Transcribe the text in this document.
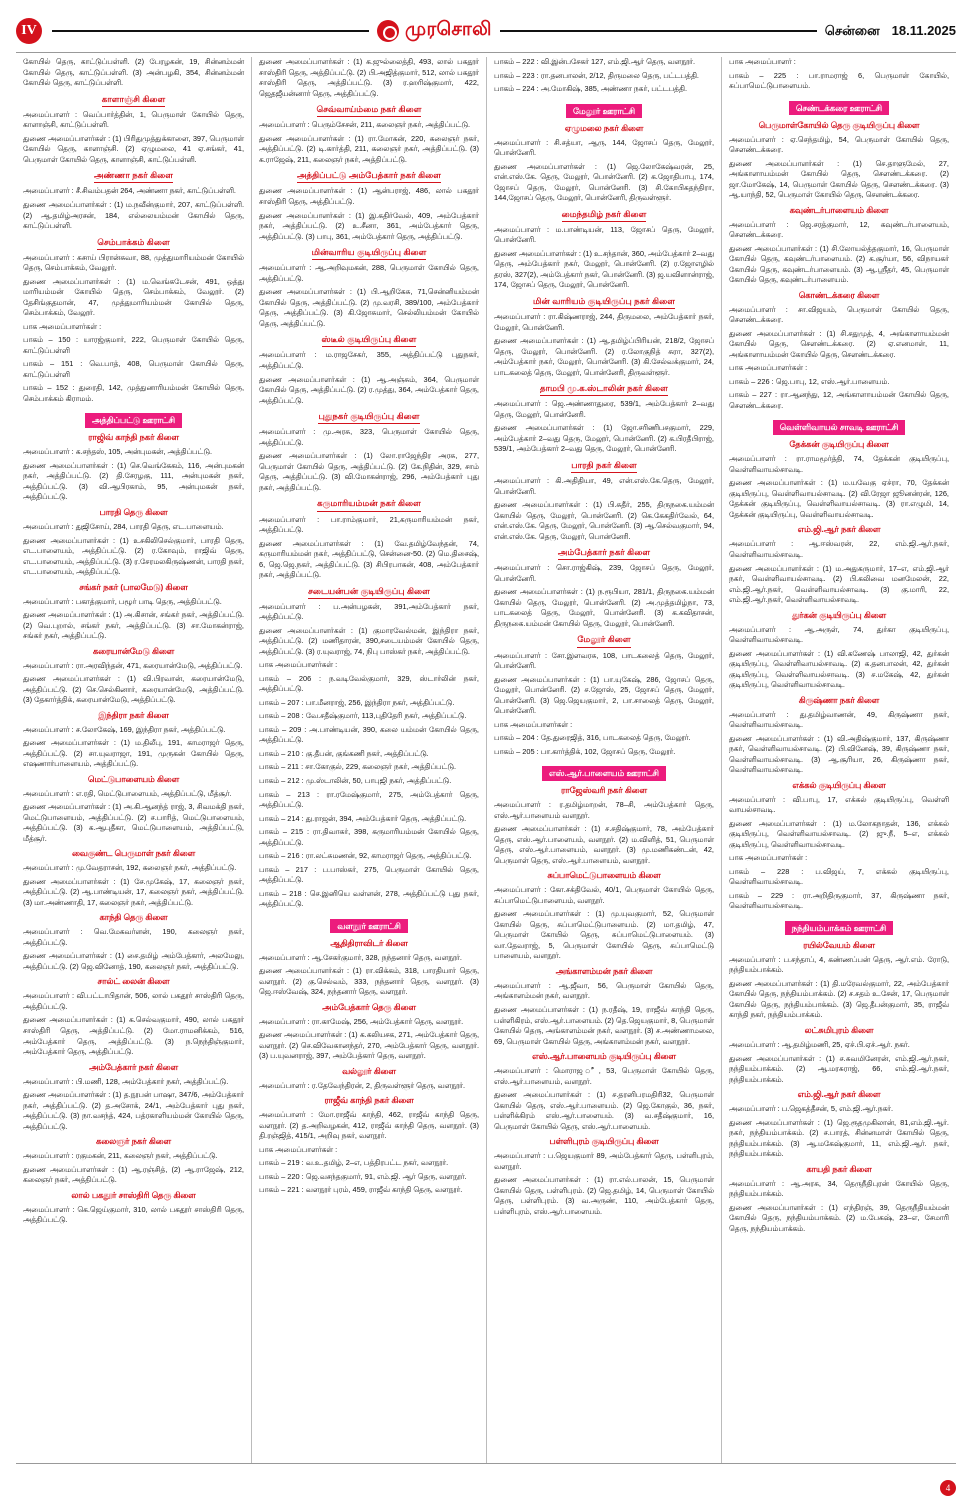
IV	முரசொலி	சென்னை 18.11.2025

கோயில் தெரு, காட்டுப்பள்ளி. (2) பேரழகன், 19, சின்னம்மன் கோயில் தெரு, காட்டுப்பள்ளி. (3) அன்பழகி, 354, சின்னம்மன் கோயில் தெரு, காட்டுப்பள்ளி.

காளாஞ்சி கிளை

அமைப்பாளர் : வெப்பார்த்தின், 1, பெருமாள் கோயில் தெரு, காளாஞ்சி, காட்டுப்பள்ளி.

துணை அமைப்பாளர்கள் : (1) பிரிதுமுத்துக்காளை, 397, பெருமாள் கோயில் தெரு, காளாஞ்சி. (2) ஏழுமலை, 41 ஏ.சங்கர், 41, பெருமாள் கோயில் தெரு, காளாஞ்சி, காட்டுப்பள்ளி.

அண்ணா நகர் கிளை

அமைப்பாளர் : சீ.சிவம்பதன் 264, அண்ணா நகர், காட்டுப்பள்ளி.

துணை அமைப்பாளர்கள் : (1) ம.நவீன்குமார், 207, காட்டுப்பள்ளி. (2) ஆ.தமிழ்அரசன், 184, எல்லையம்மன் கோயில் தெரு, காட்டுப்பள்ளி.

செம்பாக்கம் கிளை

அமைப்பாளர் : சுசாய் பிரான்சுவா, 88, முத்துமாரியம்மன் கோயில் தெரு, செம்பாக்கம், வேலூர்.

துணை அமைப்பாளர்கள் : (1) ம.வெங்கடேசன், 491, ஒத்து மாரியம்மன் கோயில் தெரு, செம்பாக்கம், வேலூர். (2) தேசிங்குதமான், 47, முத்துமாரியம்மன் கோயில் தெரு, செம்பாக்கம், வேலூர்.

பாக அமைப்பாளர்கள் :

பாகம் – 150 : யாரஜ்குமார், 222, பெருமாள் கோயில் தெரு, காட்டுப்பள்ளி

பாகம் – 151 : வெ.பாத், 408, பெருமாள் கோயில் தெரு, காட்டுப்பள்ளி

பாகம் – 152 : துரைதி, 142, முத்துனாரியம்மன் கோயில் தெரு, செம்பாக்கம் கிராமம்.

அத்திப்பட்டு ஊராட்சி
ராஜிவ் காந்தி நகர் கிளை

அமைப்பாளர் : க.சந்தஸ், 105, அன்புமகன், அத்திப்பட்டு.

துணை அமைப்பாளர்கள் : (1) செ.வெங்கேகம், 116, அன்புமகன் நகர், அத்திப்பட்டு. (2) தி.சேரழகு, 111, அன்புமகன் நகர், அத்திப்பட்டு. (3) வி.ஆபிரகாம், 95, அன்புமகன் நகர், அத்திப்பட்டு.

பாரதி தெரு கிளை

அமைப்பாளர் : துஜிசோய், 284, பாரதி தெரு, எட.பாளையம்.

துணை அமைப்பாளர்கள் : (1) உசகிலிசெல்குமார், பாரதி தெரு, எட.பாளையம், அத்திப்பட்டு. (2) ர.கோவும், ராஜிவ் தெரு, எட.பாளையம், அத்திப்பட்டு. (3) ர.சேரமலகிருஷ்ணன், பாரதி நகர், எட.பாளையம், அத்திப்பட்டு.

சங்கர் நகர் (பாலமேடு) கிளை

அமைப்பாளர் : பகாத்குமார், பழூர் பாடி தெரு, அத்திப்பட்டு.

துணை அமைப்பாளர்கள் : (1) அ.கிசான், சங்கர் நகர், அத்திப்பட்டு. (2) வெ.புறால், சங்கர் நகர், அத்திப்பட்டு. (3) சா.மோகன்ராஜ், சங்கர் நகர், அத்திப்பட்டு.

கரையான்மேடு கிளை

அமைப்பாளர் : ரா.அரவிந்தன், 471, கரையான்மேடு, அத்திப்பட்டு.

துணை அமைப்பாளர்கள் : (1) வி.பிரவான், கரையான்மேடு, அத்திப்பட்டு. (2) செ.செல்கினார், கரையான்மேடு, அத்திப்பட்டு. (3) தேகார்த்திக், கரையான்மேடு, அத்திப்பட்டு.

இந்திரா நகர் கிளை

அமைப்பாளர் : ச.லோகேஷ், 169, இந்திரா நகர், அத்திப்பட்டு.

துணை அமைப்பாளர்கள் : (1) ம.திலீபு, 191, காமராஜர் தெரு, அத்திப்பட்டு. (2) சா.யுவராஜா, 191, முருகன் கோயில் தெரு, எஷணார்பாளையம், அத்திப்பட்டு.

மெட்டுபாளையம் கிளை

அமைப்பாளர் : எ.ரதி, மெட்டுபாளையம், அத்திப்பட்டு, மீத்சூர்.

துணை அமைப்பாளர்கள் : (1) அ.கி.ஆனந்த் ராஜ், 3, சிவமக்தி நகர், மெட்டுபாளையம், அத்திப்பட்டு. (2) ச.பாரித், மெட்டுபாளையம், அத்திப்பட்டு. (3) க.ஆபுதீகா, மெட்டுபாளையம், அத்திப்பட்டு, மீத்சூர்.

வைகுண்ட பெருமாள் நகர் கிளை

அமைப்பாளர் : மு.வேதராசன், 192, கலைஞர் நகர், அத்திப்பட்டு.

துணை அமைப்பாளர்கள் : (1) சே.முகேஷ், 17, கலைஞர் நகர், அத்திப்பட்டு. (2) ஆ.பாண்டியன், 17, கலைஞர் நகர், அத்திப்பட்டு. (3) மா.அண்ணாதி, 17, கலைஞர் நகர், அத்திப்பட்டு.

காந்தி தெரு கிளை

அமைப்பாளர் : வெ.மேகவர்ளன், 190, கலைஞர் நகர், அத்திப்பட்டு.

துணை அமைப்பாளர்கள் : (1) சை.தமிழ் அம்பேத்கார், அலமேலு, அத்திப்பட்டு. (2) ஜெ.வினோத், 190, கலைஞர் நகர், அத்திப்பட்டு.

சால்ட் லைன் கிளை

அமைப்பாளர் : வி.பட்டாபிதான், 506, லால் பகதூர் சாஸ்திரி தெரு, அத்திப்பட்டு.

துணை அமைப்பாளர்கள் : (1) க.செல்வகுமார், 490, லால் பகதூர் சாஸ்திரி தெரு, அத்திப்பட்டு. (2) மோ.ராமனிக்கம், 516, அம்பேத்கார் தெரு, அத்திப்பட்டு. (3) ந.நெந்திஞ்குமார், அம்பேத்கார் தெரு, அத்திப்பட்டு.

அம்பேத்கார் நகர் கிளை

அமைப்பாளர் : பி.மணி, 128, அம்பேத்கார் நகர், அத்திப்பட்டு.

துணை அமைப்பாளர்கள் : (1) த.நூபன் பாஷா, 347/6, அம்பேத்கார் நகர், அத்திப்பட்டு. (2) த.அசோக், 24/1, அம்பேத்கார் புது நகர், அத்திப்பட்டு. (3) நா.வசந்த், 424, பத்ரகாளியம்மன் கோயில் தெரு, அத்திப்பட்டு.

கலைஞர் நகர் கிளை

அமைப்பாளர் : ரகுமகன், 211, கலைஞர் நகர், அத்திப்பட்டு.

துணை அமைப்பாளர்கள் : (1) ஆ.ரஞ்சித், (2) ஆ.ராஜேஷ், 212, கலைஞர் நகர், அத்திப்பட்டு.

லால் பகதூர் சாஸ்திரி தெரு கிளை

அமைப்பாளர் : கெ.ஜெய்குமார், 310, லால் பகதூர் சாஸ்திரி தெரு, அத்திப்பட்டு.

துணை அமைப்பாளர்கள் : (1) க.ஜுல்லைத்தி, 493, லால் பகதூர் சாஸ்திரி தெரு, அத்திப்பட்டு. (2) பி.அஜித்குமார், 512, லால் பகதூர் சாஸ்திரி தெரு, அத்திப்பட்டு. (3) ர.ஹரிஷ்குமார், 422, ஜெதஜீயன்னார் தெரு, அத்திப்பட்டு.

செவ்வாய்ம்மை நகர் கிளை

அமைப்பாளர் : பெரும்சேசன், 211, கலைஞர் நகர், அத்திப்பட்டு.

துணை அமைப்பாளர்கள் : (1) ரா.மோகன், 220, கலைஞர் நகர், அத்திப்பட்டு. (2) டி.கார்த்தி, 211, கலைஞர் நகர், அத்திப்பட்டு. (3) க.ராஜேஷ், 211, கலைஞர் நகர், அத்திப்பட்டு.

அத்திப்பட்டு அம்பேத்கார் நகர் கிளை

துணை அமைப்பாளர்கள் : (1) ஆன்பராஜ், 486, லால் பகதூர் சாஸ்திரி தெரு, அத்திப்பட்டு.

துணை அமைப்பாளர்கள் : (1) இ.கதிர்வேல், 409, அம்பேத்கார் நகர், அத்திப்பட்டு. (2) உ.சீனா, 361, அம்பேத்கார் தெரு, அத்திப்பட்டு. (3) பாபு, 361, அம்பேத்கார் தெரு, அத்திப்பட்டு.

மின்வாரிய குடியிருப்பு கிளை

அமைப்பாளர் : ஆ.அறிவுமகன், 288, பெருமாள் கோயில் தெரு, அத்திப்பட்டு.

துணை அமைப்பாளர்கள் : (1) பி.ஆறிகேசு, 71,சென்னியம்மன் கோயில் தெரு, அத்திப்பட்டு. (2) மு.வரசி, 389/100, அம்பேத்கார் தெரு, அத்திப்பட்டு. (3) கி.ஜோசுமார், செல்லியம்மன் கோயில் தெரு, அத்திப்பட்டு.

ஸ்டீல் குடியிருப்பு கிளை

அமைப்பாளர் : ம.ராஜசேகர், 355, அத்திப்பட்டு புதுநகர், அத்திப்பட்டு.

துணை அமைப்பாளர்கள் : (1) ஆ.அஞ்சும், 364, பெருமாள் கோயில் தெரு, அத்திப்பட்டு. (2) ர.முத்து, 364, அம்பேத்கார் தெரு, அத்திப்பட்டு.

புதுநகர் குடியிருப்பு கிளை

அமைப்பாளர் : மு.அரசு, 323, பெருமாள் கோயில் தெரு, அத்திப்பட்டு.

துணை அமைப்பாளர்கள் : (1) லோ.ராஜேந்திர அரசு, 277, பெருமாள் கோயில் தெரு, அத்திப்பட்டு. (2) கே.நிதின், 329, சாம் தெரு, அத்திப்பட்டு. (3) வி.மோகன்ராஜ், 296, அம்பேத்கார் புது நகர், அத்திப்பட்டு.

கருமாரியம்மன் நகர் கிளை

அமைப்பாளர் : பா.ராம்குமார், 21,கருமாரியம்மன் நகர், அத்திப்பட்டு.

துணை அமைப்பாளர்கள் : (1) வே.தமிழ்வேந்தன், 74, கருமாரியம்மன் நகர், அத்திப்பட்டு, சென்னை-50. (2) மெ.திசைஷ், 6, ஜெ.ஜெ.நகர், அத்திப்பட்டு. (3) சிபிரபாகன், 408, அம்பேத்கார் நகர், அத்திப்பட்டு.

சடையன்பன் குடியிருப்பு கிளை

அமைப்பாளர் : ப.அன்பழகன், 391,அம்பேத்கார் நகர், அத்திப்பட்டு.

துணை அமைப்பாளர்கள் : (1) குமாரவேல்மன், இந்திரா நகர், அத்திப்பட்டு. (2) மணிதாரன், 390,சடையம்மன் கோயில் தெரு, அத்திப்பட்டு. (3) ர.யுவராஜ், 74, நிபு பாஸ்கர் நகர், அத்திப்பட்டு.

பாக அமைப்பாளர்கள் :

பாகம் – 206 : ந.வடிவேல்குமார், 329, ஸ்டார்லின் நகர், அத்திப்பட்டு.

பாகம் – 207 : பா.மீனராஜ், 256, இந்திரா நகர், அத்திப்பட்டு.

பாகம் – 208 : வே.சதீஷ்குமார், 113,புதிதேரி நகர், அத்திப்பட்டு.

பாகம் – 209 : அ.பாண்டியன், 390, கலை யம்மன் கோயில் தெரு, அத்திப்பட்டு.

பாகம் – 210 : கு.தீபன், குங்கணி நகர், அத்திப்பட்டு.

பாகம் – 211 : சா.கோகுல், 229, கலைஞர் நகர், அத்திப்பட்டு.

பாகம் – 212 : மு.ஸ்டாலின், 50, பாபுஜி நகர், அத்திப்பட்டு.

பாகம் – 213 : ரா.ரமேஷ்குமார், 275, அம்பேத்கார் தெரு, அத்திப்பட்டு.

பாகம் – 214 : து.ராஜன், 394, அம்பேத்கார் தெரு, அத்திப்பட்டு.

பாகம் – 215 : ரா.திவாகர், 398, கருமாரியம்மன் கோயில் தெரு, அத்திப்பட்டு.

பாகம் – 216 : ரா.லட்சுமணன், 92, காமராஜர் தெரு, அத்திப்பட்டு.

பாகம் – 217 : ப.பாஸ்கர், 275, பெருமாள் கோயில் தெரு, அத்திப்பட்டு.

பாகம் – 218 : செ.இனியெ வள்ளன், 278, அத்திப்பட்டு புது நகர், அத்திப்பட்டு.

வளநூர் ஊராட்சி
ஆதிதிராவிடர் கிளை

அமைப்பாளர் : ஆ.சேகர்குமார், 328, நந்தனார் தெரு, வளநூர்.

துணை அமைப்பாளர்கள் : (1) ரா.விக்கம், 318, பாரதியார் தெரு, வளநூர். (2) கு.செல்வம், 333, நந்தனார் தெரு, வளநூர். (3) ஜெ.ஈஸ்வேஷ், 324, நந்தனார் தெரு, வளநூர்.

அம்பேத்கார் தெரு கிளை

அமைப்பாளர் : ரா.காமேஷ், 256, அம்பேத்கார் தெரு, வளநூர்.

துணை அமைப்பாளர்கள் : (1) க.கலியசக, 271, அம்பேத்கார் தெரு, வளநூர். (2) செ.விவேகானந்தர், 270, அம்பேத்கார் தெரு, வளநூர். (3) ப.யுவனராஜ், 397, அம்பேத்கார் தெரு, வளநூர்.

வல்லூர் கிளை

அமைப்பாளர் : ர.தேவேந்திரன், 2, திருவள்ளூர் தெரு, வளநூர்.

ராஜீவ் காந்தி நகர் கிளை

அமைப்பாளர் : மோ.ராஜீவ் காந்தி, 462, ராஜீவ் காந்தி தெரு, வளநூர். (2) த.அறிவழகன், 412, ராஜீவ் காந்தி தெரு, வளநூர். (3) தி.ரஞ்ஜித், 415/1, அறிவு நகர், வளநூர்.

பாக அமைப்பாளர்கள் :

பாகம் – 219 : வ.உ.தமிழ், 2–எ, பத்திரபட்ட நகர், வளநூர்.

பாகம் – 220 : ஜெ.வசந்தகுமார், 91, எம்.ஜி. ஆர் தெரு, வளநூர்.

பாகம் – 221 : வளநூர் புரம், 459, ராஜீவ் காந்தி தெரு, வளநூர்.

பாகம் – 222 : வி.இன்பசேகர் 127, எம்.ஜி.ஆர் தெரு, வளநூர்.

பாகம் – 223 : ரா.தனபாலன், 2/12, திருமலை தெரு, பட்டபத்தி.

பாகம் – 224 : அ.மோகிஷ், 385, அண்ணா நகர், பட்டபத்தி.

மேலூர் ஊராட்சி
ஏழுமலை நகர் கிளை

அமைப்பாளர் : சி.சத்யா, ஆரு, 144, ஜோசப் தெரு, மேலூர், பொன்னேரி.

துணை அமைப்பாளர்கள் : (1) ஜெ.லோகேஷ்வரன், 25, என்.எஸ்.கே. தெரு, மேலூர், பொன்னேரி. (2) க.ஜோதிபாபு, 174, ஜோசப் தெரு, மேலூர், பொன்னேரி. (3) சி.கோபிகதந்திரா, 144,ஜோசப் தெரு, மேலூர், பொன்னேரி, திருவள்ளூர்.

மைந்தமிழ் நகர் கிளை

அமைப்பாளர் : ம.பாண்டியன், 113, ஜோசப் தெரு, மேலூர், பொன்னேரி.

துணை அமைப்பாளர்கள் : (1) உ.சந்தான், 360, அம்பேத்கார் 2–வது தெரு, அம்பேத்கார் நகர், மேலூர், பொன்னேரி. (2) ர.ஜோஎழில் தரஸ், 327(2), அம்பேத்கார் நகர், பொன்னேரி. (3) ஜ.யவிளான்ராஜ், 174, ஜோசப் தெரு, மேலூர், பொன்னேரி.

மின் வாரியம் குடியிருப்பு நகர் கிளை

அமைப்பாளர் : ரா.கிஷ்ணராஜ், 244, திருமலை, அம்பேத்கார் நகர், மேலூர், பொன்னேரி.

துணை அமைப்பாளர்கள் : (1) ஆ.தமிழ்ப்பிரியன், 218/2, ஜோசப் தெரு, மேலூர், பொன்னேரி. (2) ர.லோகுநித் சுரா, 327(2), அம்பேத்கார் நகர், மேலூர், பொன்னேரி. (3) கி.சேல்வக்குமார், 24, பாடகலைத் தெரு, மேலூர், பொன்னேரி, திருவள்ளூர்.

தாமபி மு.க.ஸ்டாலின் நகர் கிளை

அமைப்பாளர் : ஜெ.அண்ணாதுரை, 539/1, அம்பேத்கார் 2–வது தெரு, மேலூர், பொன்னேரி.

துணை அமைப்பாளர்கள் : (1) ஜோ.சரிணிபசகுமார், 229, அம்பேத்கார் 2–வது தெரு, மேலூர், பொன்னேரி. (2) க.பிரதீபிராஜ், 539/1, அம்பேத்கார் 2–வது தெரு, மேலூர், பொன்னேரி.

பாரதி நகர் கிளை

அமைப்பாளர் : கி.அதிதியா, 49, என்.எஸ்.கே.தெரு, மேலூர், பொன்னேரி.

துணை அமைப்பாளர்கள் : (1) பி.சுதீர், 255, திருநகை.யம்மன் கோயில் தெரு, மேலூர், பொன்னேரி. (2) கெ.கேகதிர்வேல், 64, என்.எஸ்.கே. தெரு, மேலூர், பொன்னேரி. (3) ஆ.செல்வகுமார், 94, என்.எஸ்.கே. தெரு, மேலூர், பொன்னேரி.

அம்பேத்கார் நகர் கிளை

அமைப்பாளர் : சொ.ராஜ்கிஷ், 239, ஜோசப் தெரு, மேலூர், பொன்னேரி.

துணை அமைப்பாளர்கள் : (1) ந.ரூபியா, 281/1, திருநகை.யம்மன் கோயில் தெரு, மேலூர், பொன்னேரி. (2) அ.முத்தமிழ்நா, 73, பாடகலைத் தெரு, மேலூர், பொன்னேரி. (3) க.கவிதாசன், திருநகை.யம்மன் கோயில் தெரு, மேலூர், பொன்னேரி.

மேலூர் கிளை

அமைப்பாளர் : சோ.இளவரசு, 108, பாடகலைத் தெரு, மேலூர், பொன்னேரி.

துணை அமைப்பாளர்கள் : (1) பா.யுகேஷ், 286, ஜோசப் தெரு, மேலூர், பொன்னேரி. (2) ச.ஜோஸ், 25, ஜோசப் தெரு, மேலூர், பொன்னேரி. (3) ஜெ.ஜெயகுமார், 2, பா.சாலைத் தெரு, மேலூர், பொன்னேரி.

பாக அமைப்பாளர்கள் :

பாகம் – 204 : தே.துரைஜித், 316, பாடகலைத் தெரு, மேலூர்.

பாகம் – 205 : பா.கார்த்திக், 102, ஜோசப் தெரு, மேலூர்.

எஸ்.ஆர்.பாளையம் ஊராட்சி
ராஜேஸ்வரி நகர் கிளை

அமைப்பாளர் : ர.தமிழ்மாறன், 78–சி, அம்பேத்கார் தெரு, எஸ்.ஆர்.பாளையம் வளநூர்.

துணை அமைப்பாளர்கள் : (1) ச.சதிஷ்குமார், 78, அம்பேத்கார் தெரு, எஸ்.ஆர்.பாளையம், வளநூர். (2) ம.விளித், 51, பெருமாள் தெரு, எஸ்.ஆர்.பாளையம், வளநூர். (3) மு.மணிகண்டன், 42, பெருமாள் தெரு, எஸ்.ஆர்.பாளையம், வளநூர்.

சுப்பாமெட்டுபாளையம் கிளை

அமைப்பாளர் : கோ.சக்திவேல், 40/1, பெருமாள் கோயில் தெரு, சுப்பாமெட்டுபாளையம், வளநூர்.

துணை அமைப்பாளர்கள் : (1) மு.யுவகுமார், 52, பெருமாள் கோயில் தெரு, சுப்பாமெட்டுபாளையம். (2) மா.தமிழ், 47, பெருமாள் கோயில் தெரு, சுப்பாமெட்டுபாளையம். (3) வா.தேவராஜ், 5, பெருமாள் கோயில் தெரு, சுப்பாமெட்டு பாளையம், வளநூர்.

அங்காளம்மன் நகர் கிளை

அமைப்பாளர் : ஆ.ஜீவா, 56, பெருமாள் கோயில் தெரு, அங்காளம்மன் நகர், வளநூர்.

துணை அமைப்பாளர்கள் : (1) ந.ரதீஷ், 19, ராஜீவ் காந்தி தெரு, பள்ளிகிரம், எஸ்.ஆர்.பாளையம். (2) தெ.ஜெயகுமார், 8, பெருமாள் கோயில் தெரு, அங்காளம்மன் நகர், வளநூர். (3) ச.அண்ணாமலை, 69, பெருமாள் கோயில் தெரு, அங்காளம்மன் நகர், வளநூர்.

எஸ்.ஆர்.பாளையம் குடியிருப்பு கிளை

அமைப்பாளர் : மொராஜ ீ், 53, பெருமாள் கோயில் தெரு, எஸ்.ஆர்.பாளையம், வளநூர்.

துணை அமைப்பாளர்கள் : (1) ச.தரனிபரமதிரி32, பெருமாள் கோயில் தெரு, எஸ்.ஆர்.பாளையம். (2) ஜெ.கோகுல், 36, நகர், பள்ளிக்கிரம் எஸ்.ஆர்.பாளையம். (3) வ.சதீஷ்குமார், 16, பெருமாள் கோயில் தெரு, எஸ்.ஆர்.பாளையம்.

பள்ளிபுரம் குடியிருப்பு கிளை

அமைப்பாளர் : ப.ஜெயகுமார் 89, அம்பேத்கார் தெரு, பள்ளிபுரம், வளநூர்.

துணை அமைப்பாளர்கள் : (1) ரா.எல்.பாலன், 15, பெருமாள் கோயில் தெரு, பள்ளிபுரம். (2) ஜெ.தமிழ், 14, பெருமாள் கோயில் தெரு, பள்ளிபுரம். (3) வ.அருண், 110, அம்பேத்கார் தெரு, பள்ளிபுரம், எஸ்.ஆர்.பாளையம்.

பாக அமைப்பாளர் :

பாகம் – 225 : பா.ராமராஜ் 6, பெருமாள் கோயில், சுப்பாமெட்டுபாளையம்.

செண்டக்கரை ஊராட்சி
பெருமாள்கோயில் தெரு குடியிருப்பு கிளை

அமைப்பாளர் : ஏ.செந்தமிழ், 54, பெருமாள் கோயில் தெரு, சௌண்டக்கரை.

துணை அமைப்பாளர்கள் : (1) செ.தாளுமேல், 27, அங்காளாயம்மன் கோயில் தெரு, சௌண்டக்கரை. (2) ஜா.மோகேஷ், 14, பெருமாள் கோயில் தெரு, சௌண்டக்கரை. (3) ஆ.யாந்தி, 52, பெருமாள் கோயில் தெரு, சௌண்டக்கரை.

கவுண்டர்பாளையம் கிளை

அமைப்பாளர் : ஜெ.சரத்குமார், 12, கவுண்டர்பாளையம், சௌண்டக்கரை.

துணை அமைப்பாளர்கள் : (1) சி.லோயல்த்தகுமார், 16, பெருமாள் கோயில் தெரு, கவுண்டர்பாளையம். (2) க.சூர்யா, 56, விநாயகர் கோயில் தெரு, கவுண்டர்பாளையம். (3) ஆ.ஸ்ரீதர், 45, பெருமாள் கோயில் தெரு, கவுண்டர்பாளையம்.

கொண்டக்கரை கிளை

அமைப்பாளர் : சா.விஜயம், பெருமாள் கோயில் தெரு, சௌண்டக்கரை.

துணை அமைப்பாளர்கள் : (1) சி.சதுமுத், 4, அங்காளாயம்மன் கோயில் தெரு, சௌண்டக்கரை. (2) ஏ.எனமாள், 11, அங்காளாயம்மன் கோயில் தெரு, சௌண்டக்கரை.

பாக அமைப்பாளர்கள் :

பாகம் – 226 : ஜெ.பாபு, 12, எஸ்.ஆர்.பாளையம்.

பாகம் – 227 : ரா.ஆனந்து, 12, அங்காளாயம்மன் கோயில் தெரு, சௌண்டக்கரை.

வெள்ளிவாயல் சாவடி ஊராட்சி
தேக்கன் குடியிருப்பு கிளை

அமைப்பாளர் : ரா.ராமமூர்த்தி, 74, தேக்கன் குடியிருப்பு, வெள்ளிவாயல்சாவடி.

துணை அமைப்பாளர்கள் : (1) ம.யவேகு ஏச்ரா, 70, தேக்கன் குடியிருப்பு, வெள்ளிவாயல்சாவடி. (2) வி.ரேஜா ஜூனன்ரன், 126, தேக்கன் குடியிருப்பு, வெள்ளிவாயல்சாவடி. (3) ரா.எழுமி, 14, தேக்கன் குடியிருப்பு, வெள்ளிவாயல்சாவடி.

எம்.ஜி.ஆர் நகர் கிளை

அமைப்பாளர் : ஆ.ஈஸ்வரன், 22, எம்.ஜி.ஆர்.நகர், வெள்ளிவாயல்சாவடி.

துணை அமைப்பாளர்கள் : (1) ம.அதுகருமார், 17–எ, எம்.ஜி.ஆர் நகர், வெள்ளிவாயல்சாவடி. (2) பி.கலிவை மனமேலன், 22, எம்.ஜி.ஆர்.நகர், வெள்ளிவாயல்சாவடி. (3) கு.மாரி, 22, எம்.ஜி.ஆர்.நகர், வெள்ளிவாயல்சாவடி.

துர்கன் குடியிருப்பு கிளை

அமைப்பாளர் : ஆ.அருள், 74, துர்கா குடியிருப்பு, வெள்ளிவாயல்சாவடி.

துணை அமைப்பாளர்கள் : (1) வி.கணேஷ் பாலாஜி, 42, துர்கன் குடியிருப்பு, வெள்ளிவாயல்சாவடி. (2) க.தனபாலன், 42, துர்கன் குடியிருப்பு, வெள்ளிவாயல்சாவடி. (3) ச.மகேஷ், 42, துர்கன் குடியிருப்பு, வெள்ளிவாயல்சாவடி.

கிருஷ்ணா நகர் கிளை

அமைப்பாளர் : து.தமிழ்வாணன், 49, கிருஷ்ணா நகர், வெள்ளிவாயல்சாவடி.

துணை அமைப்பாளர்கள் : (1) வி.அதிஷ்குமார், 137, கிருஷ்ணா நகர், வெள்ளிவாயல்சாவடி. (2) பி.வினேஷ், 39, கிருஷ்ணா நகர், வெள்ளிவாயல்சாவடி. (3) ஆ.சூரியா, 26, கிருஷ்ணா நகர், வெள்ளிவாயல்சாவடி.

எக்கல் குடியிருப்பு கிளை

அமைப்பாளர் : வி.பாபு, 17, எக்கல் குடியிருப்பு, வெள்ளி வாயல்சாவடி.

துணை அமைப்பாளர்கள் : (1) ம.லோகநாதன், 136, எக்கல் குடியிருப்பு, வெள்ளிவாயல்சாவடி. (2) ஜு.நீ, 5–எ, எக்கல் குடியிருப்பு, வெள்ளிவாயல்சாவடி.

பாக அமைப்பாளர்கள் :

பாகம் – 228 : ப.விஜய், 7, எக்கல் குடியிருப்பு, வெள்ளிவாயல்சாவடி.

பாகம் – 229 : ரா.அறிதிருகுமார், 37, கிருஷ்ணா நகர், வெள்ளிவாயல்சாவடி.

நந்தியம்பாக்கம் ஊராட்சி
ரயில்வேயம் கிளை

அமைப்பாளர் : ப.சந்தாப், 4, கண்ணப்பன் தெரு, ஆர்.எம். ரோடு, நந்தியம்பாக்கம்.

துணை அமைப்பாளர்கள் : (1) தி.மரேவல்குமார், 22, அம்பேத்கார் கோயில் தெரு, நந்தியம்பாக்கம். (2) ச.சதம் உ.சேன், 17, பெருமாள் கோயில் தெரு, நந்தியம்பாக்கம். (3) ஜெ.தீபன்குமார், 35, ராஜீவ் காந்தி நகர், நந்தியம்பாக்கம்.

லட்சுமிபுரம் கிளை

அமைப்பாளர் : ஆ.தமிழ்மணி, 25, ஏச்.பி.ஏச்.ஆர். நகர்.

துணை அமைப்பாளர்கள் : (1) ச.சுவமினேரன், எம்.ஜி.ஆர்.நகர், நந்தியம்பாக்கம். (2) ஆ.மரசுராஜ், 66, எம்.ஜி.ஆர்.நகர், நந்தியம்பாக்கம்.

எம்.ஜி.ஆர் நகர் கிளை

அமைப்பாளர் : ப.ஜெகத்தீசன், 5, எம்.ஜி.ஆர்.நகர்.

துணை அமைப்பாளர்கள் : (1) ஜெ.ரூதமுகிலான், 81,எம்.ஜி.ஆர். நகர், நந்தியம்பாக்கம். (2) ச.பாரத், சின்னமாள் கோயில் தெரு, நந்தியம்பாக்கம். (3) ஆ.மகேஷ்குமார், 11, எம்.ஜி.ஆர். நகர், நந்தியம்பாக்கம்.

காயதி நகர் கிளை

அமைப்பாளர் : ஆ.அரசு, 34, தெருநீதிபுரன் கோயில் தெரு, நந்தியம்பாக்கம்.

துணை அமைப்பாளர்கள் : (1) எந்திரஞ், 39, தெருநீதியம்மன் கோயில் தெரு, நந்தியம்பாக்கம். (2) ம.பேகஷ், 23–எ, சேமாரி தெரு, நந்தியம்பாக்கம்.

4
